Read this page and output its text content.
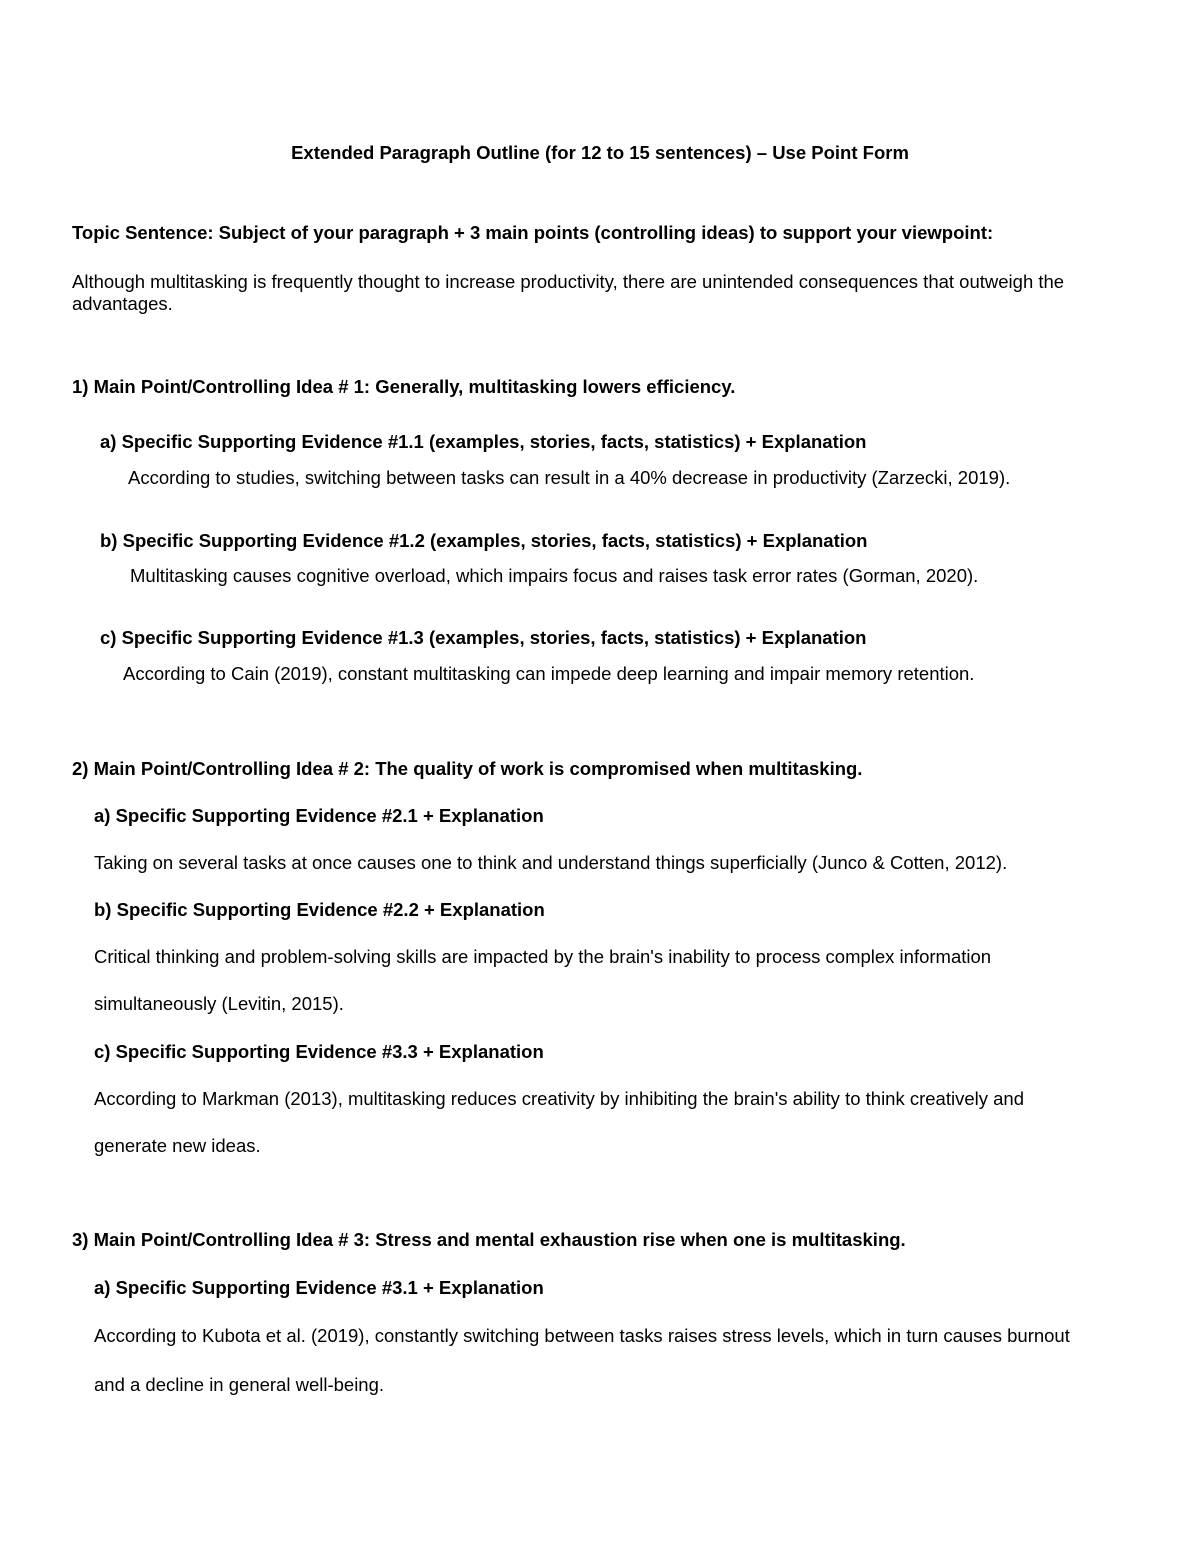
Extended Paragraph Outline (for 12 to 15 sentences) – Use Point Form

Topic Sentence: Subject of your paragraph + 3 main points (controlling ideas) to support your viewpoint:

Although multitasking is frequently thought to increase productivity, there are unintended consequences that outweigh the

advantages.

1) Main Point/Controlling Idea # 1: Generally, multitasking lowers efficiency.

a) Specific Supporting Evidence #1.1 (examples, stories, facts, statistics) + Explanation

According to studies, switching between tasks can result in a 40% decrease in productivity (Zarzecki, 2019).

b) Specific Supporting Evidence #1.2 (examples, stories, facts, statistics) + Explanation

Multitasking causes cognitive overload, which impairs focus and raises task error rates (Gorman, 2020).

c) Specific Supporting Evidence #1.3 (examples, stories, facts, statistics) + Explanation

According to Cain (2019), constant multitasking can impede deep learning and impair memory retention.

2) Main Point/Controlling Idea # 2: The quality of work is compromised when multitasking.

a) Specific Supporting Evidence #2.1 + Explanation

Taking on several tasks at once causes one to think and understand things superficially (Junco & Cotten, 2012).

b) Specific Supporting Evidence #2.2 + Explanation

Critical thinking and problem-solving skills are impacted by the brain's inability to process complex information

simultaneously (Levitin, 2015).

c) Specific Supporting Evidence #3.3 + Explanation

According to Markman (2013), multitasking reduces creativity by inhibiting the brain's ability to think creatively and

generate new ideas.

3) Main Point/Controlling Idea # 3: Stress and mental exhaustion rise when one is multitasking.

a) Specific Supporting Evidence #3.1 + Explanation

According to Kubota et al. (2019), constantly switching between tasks raises stress levels, which in turn causes burnout

and a decline in general well-being.
